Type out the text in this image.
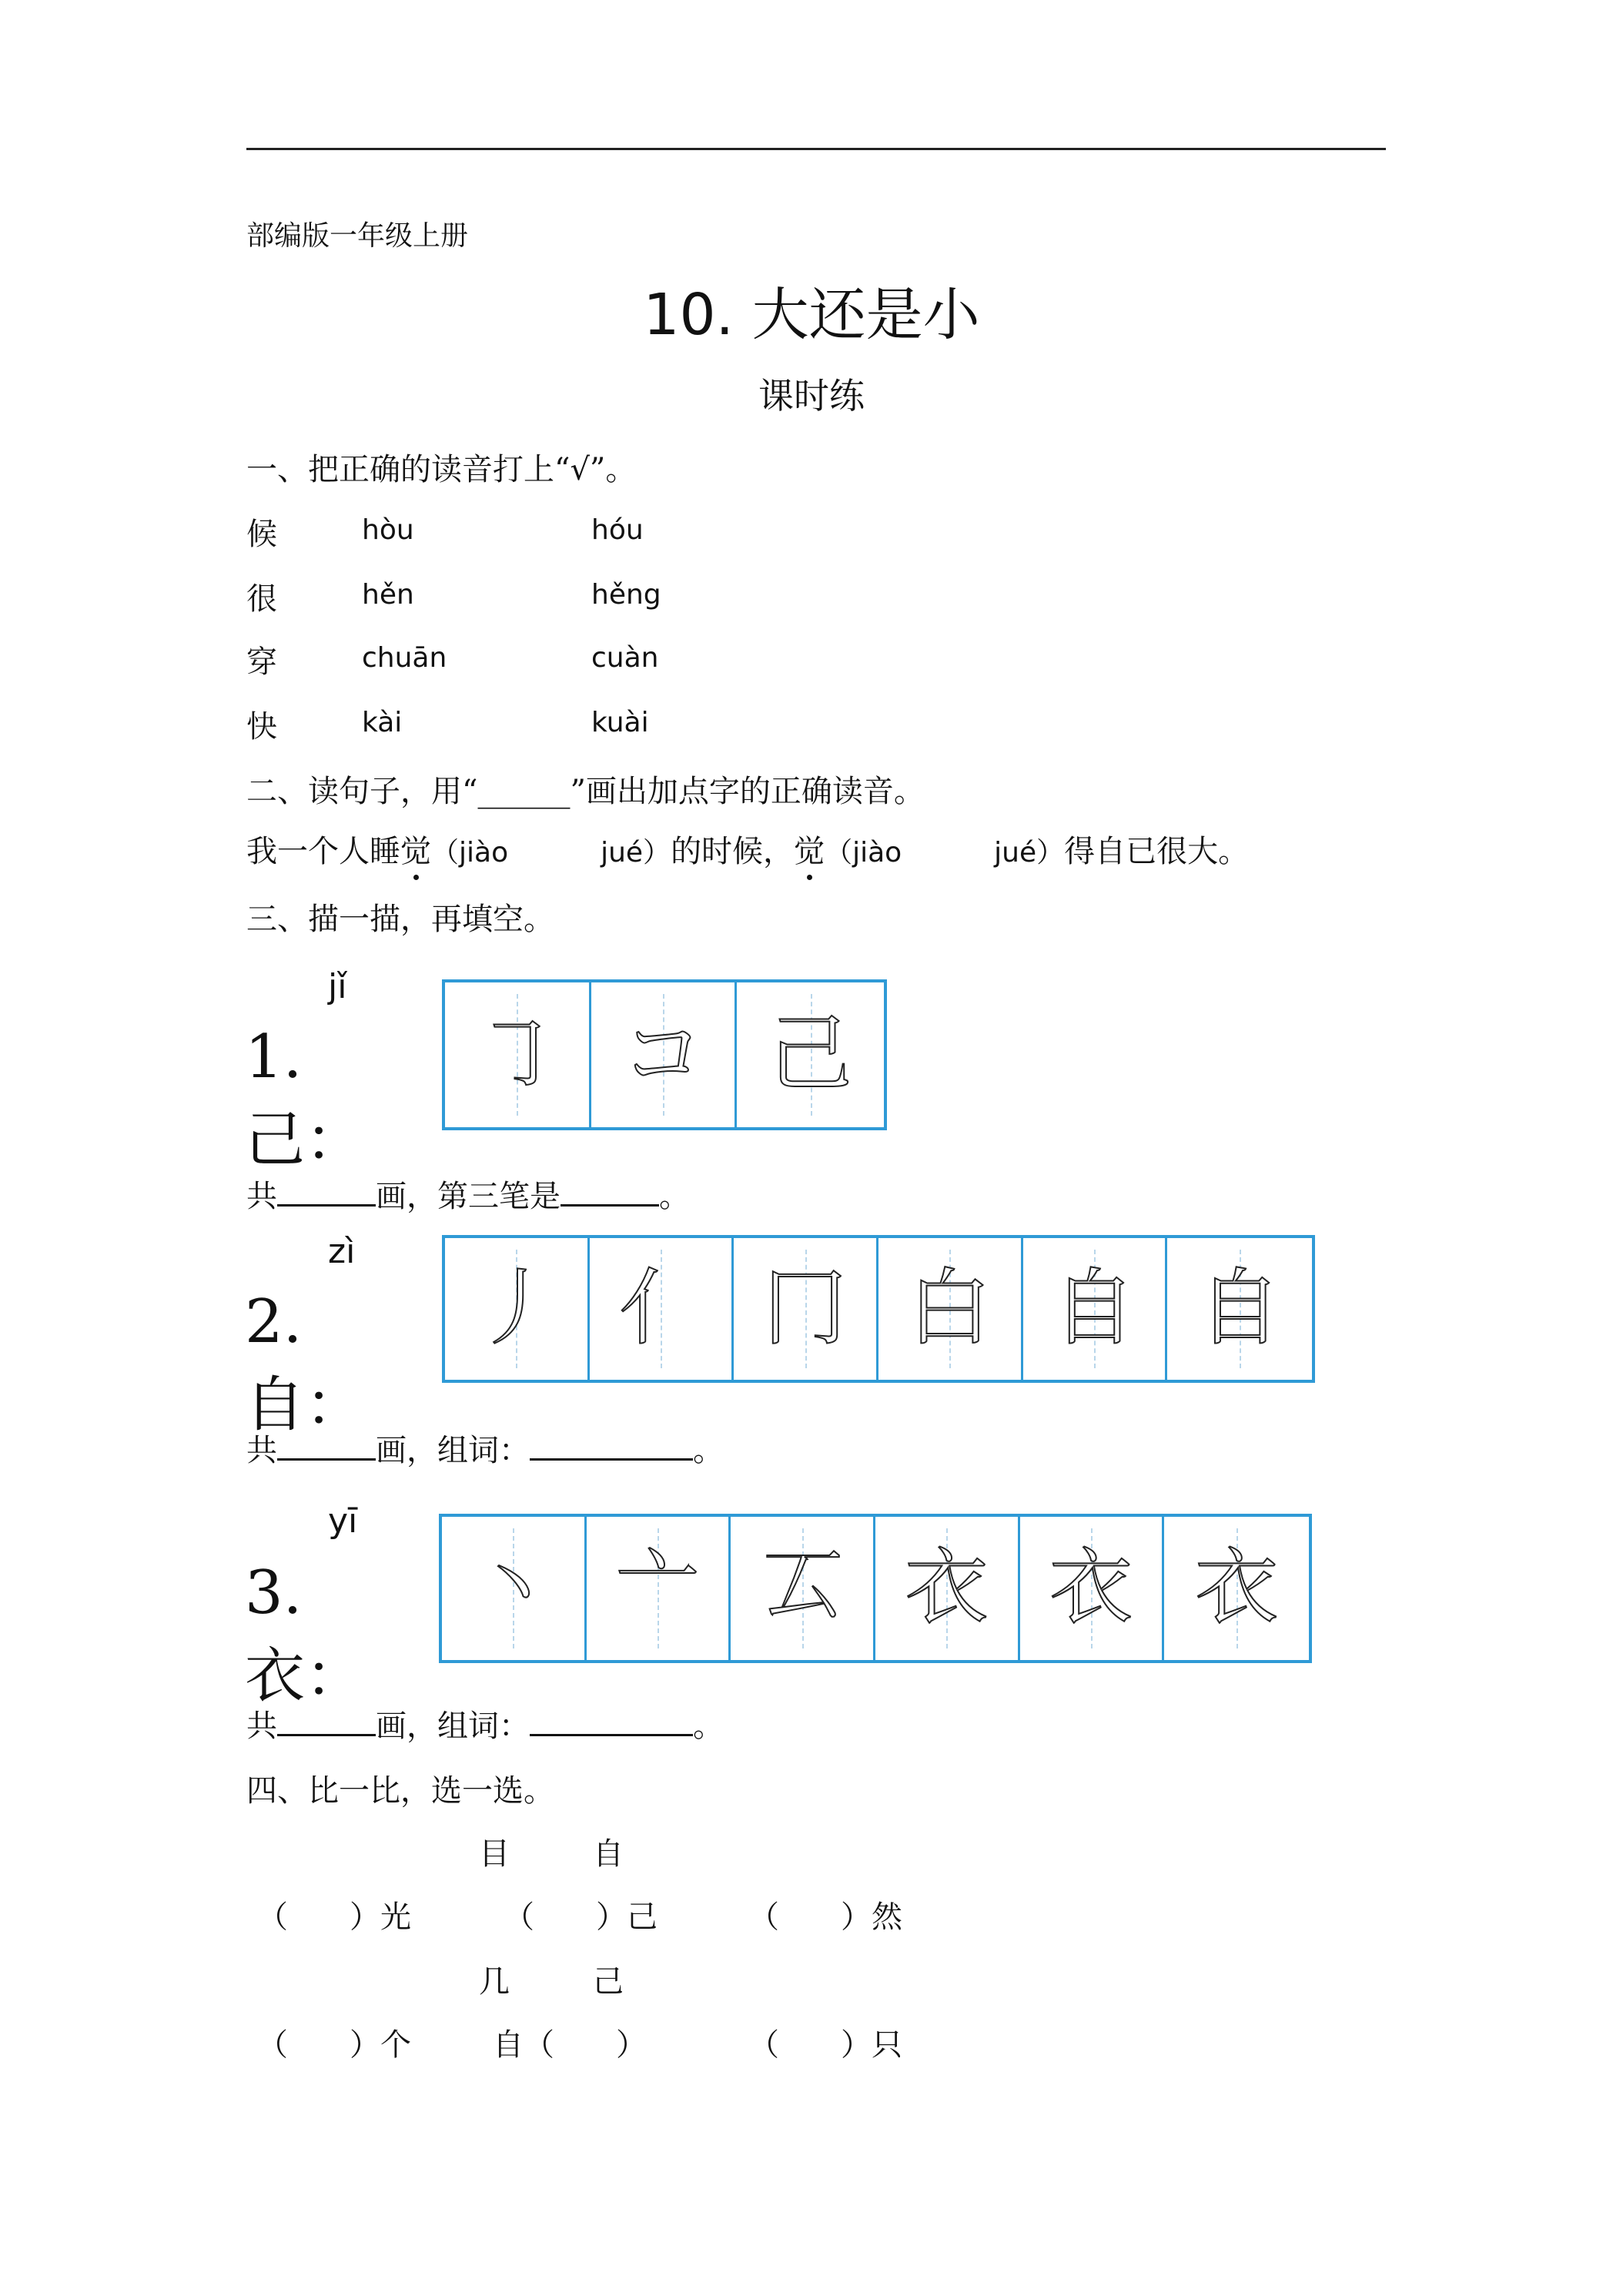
部编版一年级上册
10. 大还是小
课时练
一、把正确的读音打上“√”。
候	hòu	hóu
很	hěn	hěng
穿	chuān	cuàn
快	kài	kuài
二、读句子，用“______”画出加点字的正确读音。
我一个人睡觉（jiào	jué）的时候，觉（jiào	jué）得自已很大。
三、描一描，再填空。
jǐ
1. 己：
㇆ コ 己
共	画，第三笔是	。
zì
2. 自：
丿 亻 冂 白 自 自
共	画，组词：	。
yī
3. 衣：
丶 亠 𠫔 衣 衣 衣
共	画，组词：	。
四、比一比，选一选。
目	自
（　　）光	（　　）己	（　　）然
几	己
（　　）个	自（　　）	（　　）只
